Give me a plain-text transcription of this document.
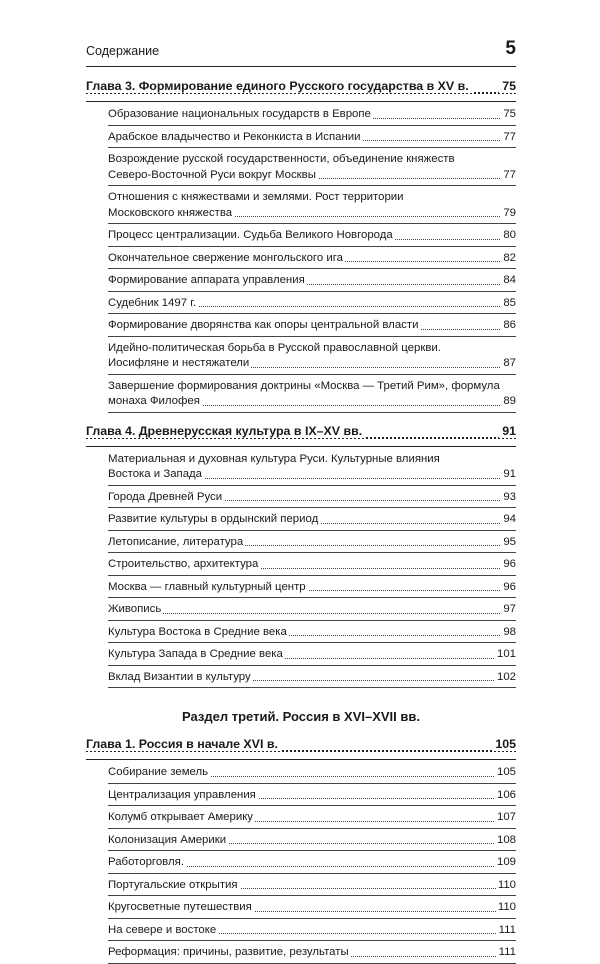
Содержание	5
Глава 3. Формирование единого Русского государства в XV в.	75
Образование национальных государств в Европе	75
Арабское владычество и Реконкиста в Испании	77
Возрождение русской государственности, объединение княжеств
Северо-Восточной Руси вокруг Москвы	77
Отношения с княжествами и землями. Рост территории
Московского княжества	79
Процесс централизации. Судьба Великого Новгорода	80
Окончательное свержение монгольского ига	82
Формирование аппарата управления	84
Судебник 1497 г.	85
Формирование дворянства как опоры центральной власти	86
Идейно-политическая борьба в Русской православной церкви.
Иосифляне и нестяжатели	87
Завершение формирования доктрины «Москва — Третий Рим», формула
монаха Филофея	89
Глава 4. Древнерусская культура в IX–XV вв.	91
Материальная и духовная культура Руси. Культурные влияния
Востока и Запада	91
Города Древней Руси	93
Развитие культуры в ордынский период	94
Летописание, литература	95
Строительство, архитектура	96
Москва — главный культурный центр	96
Живопись	97
Культура Востока в Средние века	98
Культура Запада в Средние века	101
Вклад Византии в культуру	102
Раздел третий. Россия в XVI–XVII вв.
Глава 1. Россия в начале XVI в.	105
Собирание земель	105
Централизация управления	106
Колумб открывает Америку	107
Колонизация Америки	108
Работорговля.	109
Португальские открытия	110
Кругосветные путешествия	110
На севере и востоке	111
Реформация: причины, развитие, результаты	111
